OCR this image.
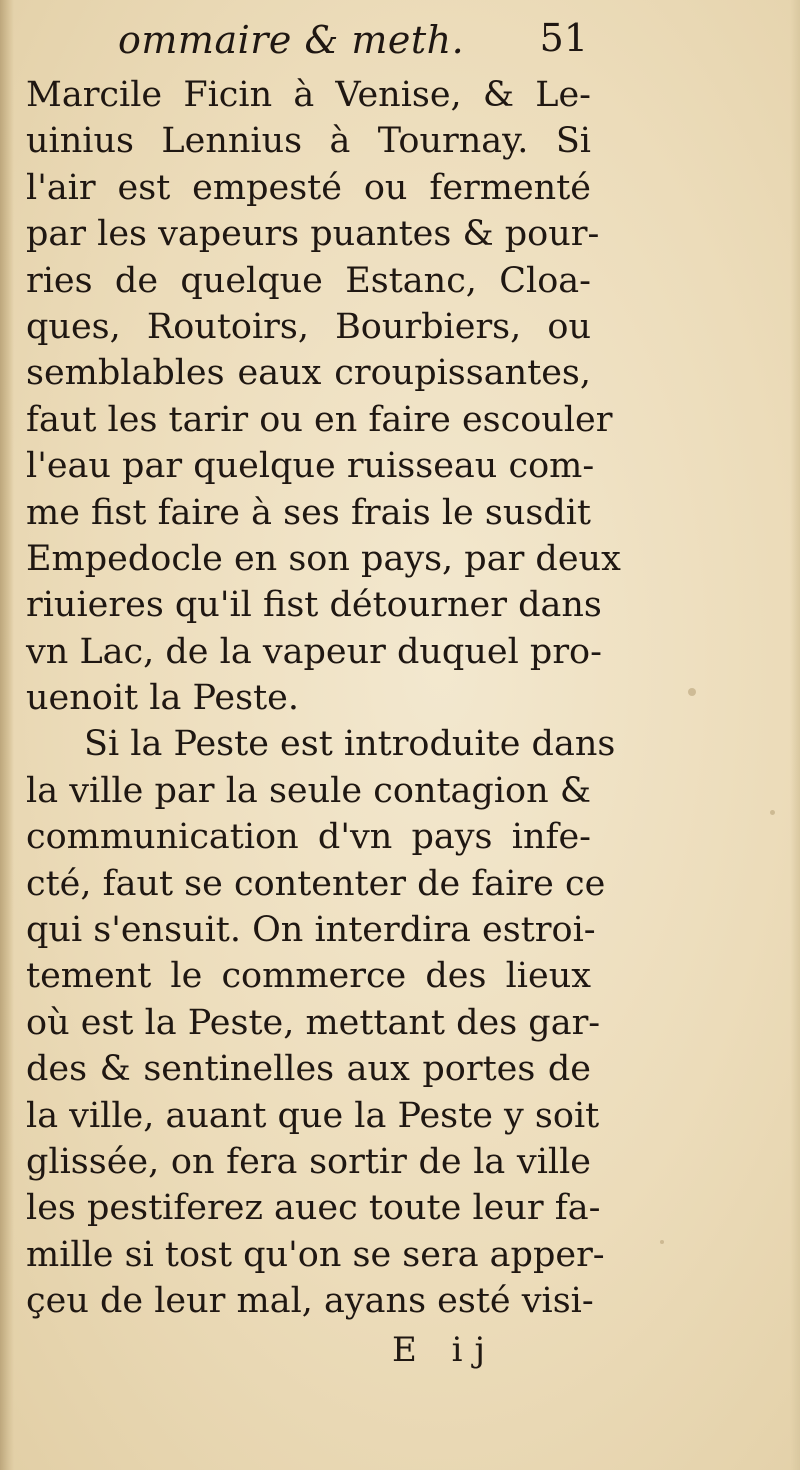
ommaire & meth. 51
Marcile Ficin à Venise, & Le-
uinius Lennius à Tournay. Si
l'air est empesté ou fermenté
par les vapeurs puantes & pour-
ries de quelque Estanc, Cloa-
ques, Routoirs, Bourbiers, ou
semblables eaux croupissantes,
faut les tarir ou en faire escouler
l'eau par quelque ruisseau com-
me fist faire à ses frais le susdit
Empedocle en son pays, par deux
riuieres qu'il fist détourner dans
vn Lac, de la vapeur duquel pro-
uenoit la Peste.
Si la Peste est introduite dans
la ville par la seule contagion &
communication d'vn pays infe-
cté, faut se contenter de faire ce
qui s'ensuit. On interdira estroi-
tement le commerce des lieux
où est la Peste, mettant des gar-
des & sentinelles aux portes de
la ville, auant que la Peste y soit
glissée, on fera sortir de la ville
les pestiferez auec toute leur fa-
mille si tost qu'on se sera apper-
çeu de leur mal, ayans esté visi-
E ij
